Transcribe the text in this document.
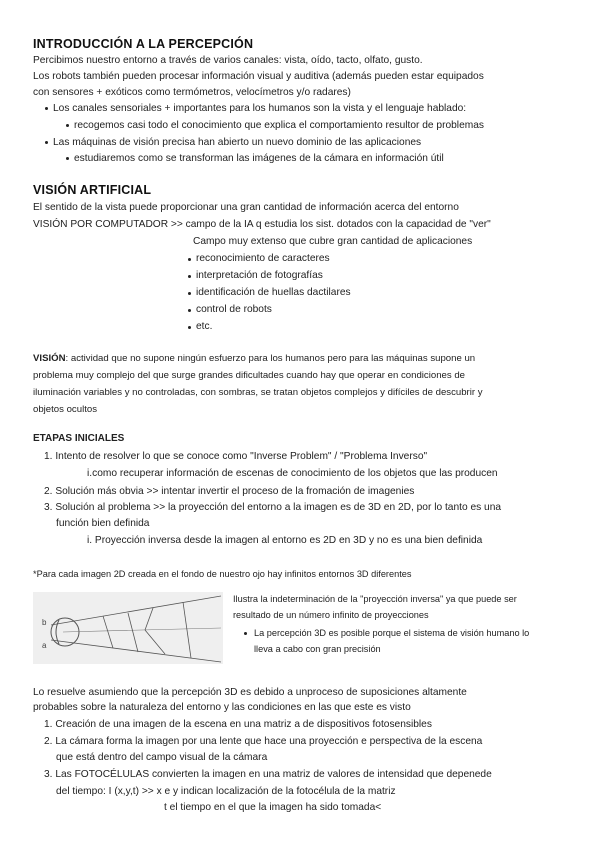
INTRODUCCIÓN A LA PERCEPCIÓN
Percibimos nuestro entorno a través de varios canales: vista, oído, tacto, olfato, gusto.
Los robots también pueden procesar información visual y auditiva (además pueden estar equipados
con sensores + exóticos como termómetros, velocímetros y/o radares)
Los canales sensoriales + importantes para los humanos son la vista y el lenguaje hablado:
recogemos casi todo el conocimiento que explica el comportamiento resultor de problemas
Las máquinas de visión precisa han abierto un nuevo dominio de las aplicaciones
estudiaremos como se transforman las imágenes de la cámara en información útil
VISIÓN ARTIFICIAL
El sentido de la vista puede proporcionar una gran cantidad de información acerca del entorno
VISIÓN POR COMPUTADOR >> campo de la IA q estudia los sist. dotados con la capacidad de "ver"
Campo muy extenso que cubre gran cantidad de aplicaciones
reconocimiento de caracteres
interpretación de fotografías
identificación de huellas dactilares
control de robots
etc.
VISIÓN: actividad que no supone ningún esfuerzo para los humanos pero para las máquinas supone un
problema muy complejo del que surge grandes dificultades cuando hay que operar en condiciones de
iluminación variables y no controladas, con sombras, se tratan objetos complejos y difíciles de descubrir y
objetos ocultos
ETAPAS INICIALES
1. Intento de resolver lo que se conoce como "Inverse Problem" / "Problema Inverso"
i.como recuperar información de escenas de conocimiento de los objetos que las producen
2. Solución más obvia >> intentar invertir el proceso de la fromación de imagenies
3. Solución al problema >> la proyección del entorno a la imagen es de 3D en 2D, por lo tanto es una
función bien definida
i. Proyección inversa desde la imagen al entorno es 2D en 3D y no es una bien definida
*Para cada imagen 2D creada en el fondo de nuestro ojo hay infinitos entornos 3D diferentes
b
a
Ilustra la indeterminación de la "proyección inversa" ya que puede ser
resultado de un número infinito de proyecciones
La percepción 3D es posible porque el sistema de visión humano lo
lleva a cabo con gran precisión
Lo resuelve asumiendo que la percepción 3D es debido a unproceso de suposiciones altamente
probables sobre la naturaleza del entorno y las condiciones en las que este es visto
1. Creación de una imagen de la escena en una matriz a de dispositivos fotosensibles
2. La cámara forma la imagen por una lente que hace una proyección e perspectiva de la escena
que está dentro del campo visual de la cámara
3. Las FOTOCÉLULAS convierten la imagen en una matriz de valores de intensidad que depenede
del tiempo: I (x,y,t) >> x e y indican localización de la fotocélula de la matriz
t el tiempo en el que la imagen ha sido tomada<
